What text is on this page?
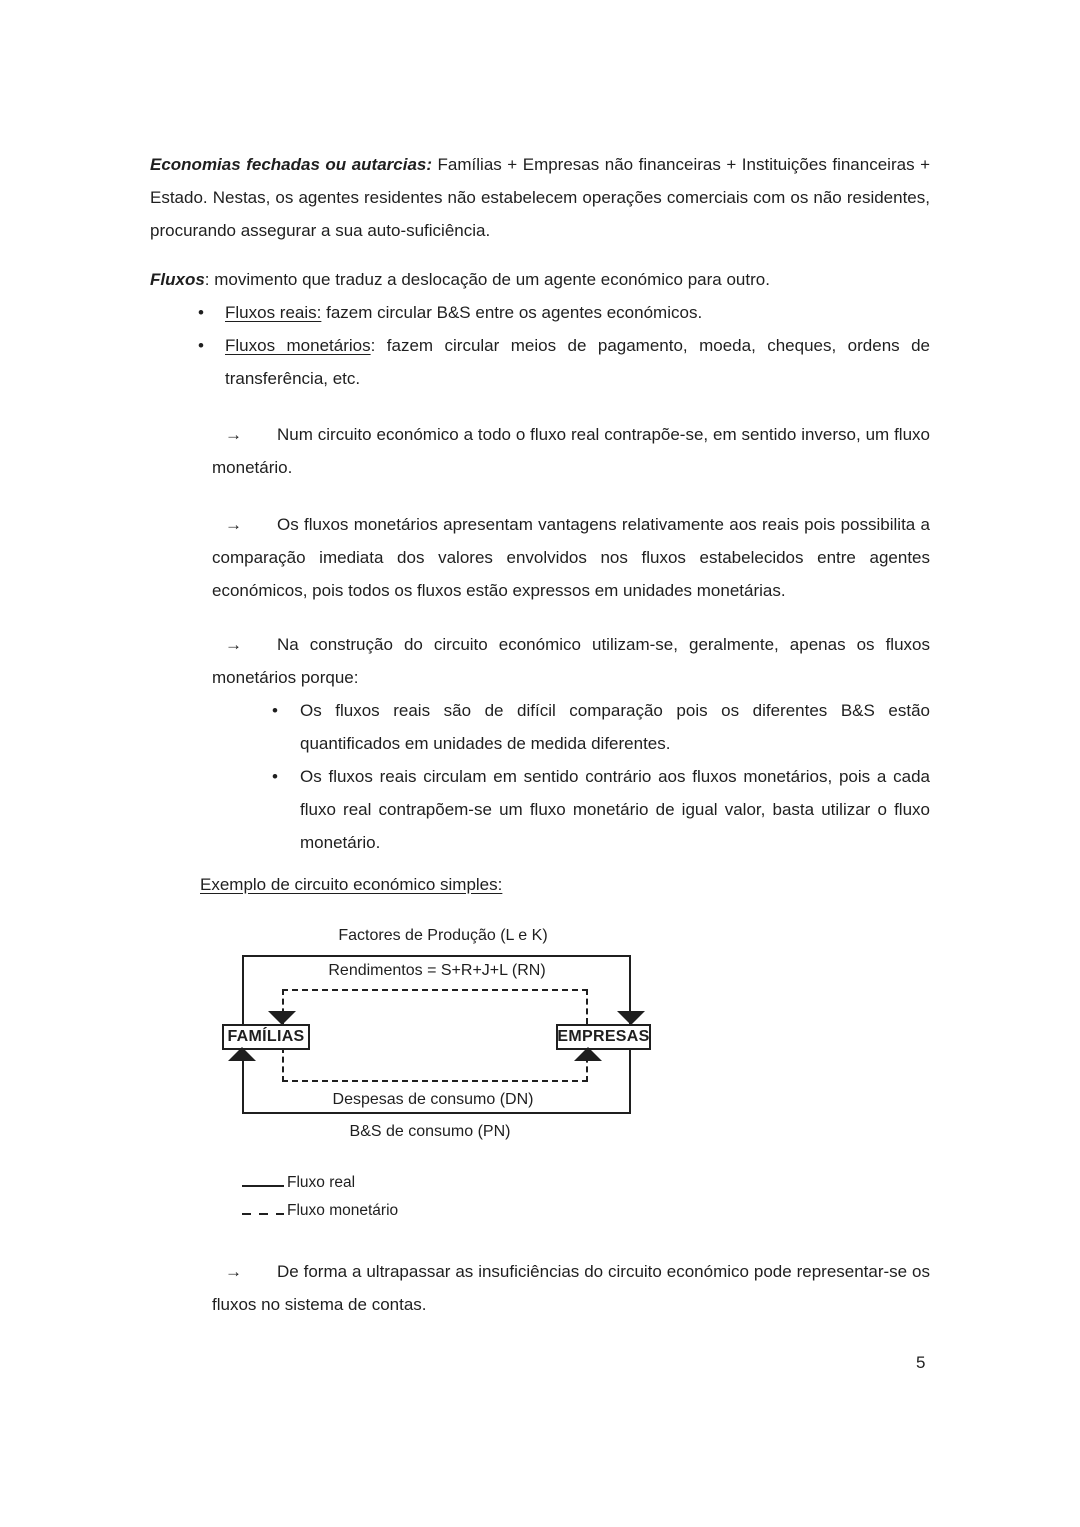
Economias fechadas ou autarcias: Famílias + Empresas não financeiras + Instituições financeiras + Estado. Nestas, os agentes residentes não estabelecem operações comerciais com os não residentes, procurando assegurar a sua auto-suficiência.

Fluxos: movimento que traduz a deslocação de um agente económico para outro.

•	Fluxos reais: fazem circular B&S entre os agentes económicos.
•	Fluxos monetários: fazem circular meios de pagamento, moeda, cheques, ordens de transferência, etc.

→ Num circuito económico a todo o fluxo real contrapõe-se, em sentido inverso, um fluxo monetário.

→ Os fluxos monetários apresentam vantagens relativamente aos reais pois possibilita a comparação imediata dos valores envolvidos nos fluxos estabelecidos entre agentes económicos, pois todos os fluxos estão expressos em unidades monetárias.

→ Na construção do circuito económico utilizam-se, geralmente, apenas os fluxos monetários porque:

•	Os fluxos reais são de difícil comparação pois os diferentes B&S estão quantificados em unidades de medida diferentes.
•	Os fluxos reais circulam em sentido contrário aos fluxos monetários, pois a cada fluxo real contrapõem-se um fluxo monetário de igual valor, basta utilizar o fluxo monetário.

Exemplo de circuito económico simples:

Factores de Produção (L e K)
Rendimentos = S+R+J+L (RN)
FAMÍLIAS	EMPRESAS
Despesas de consumo (DN)
B&S de consumo (PN)
Fluxo real
Fluxo monetário

→ De forma a ultrapassar as insuficiências do circuito económico pode representar-se os fluxos no sistema de contas.

5
